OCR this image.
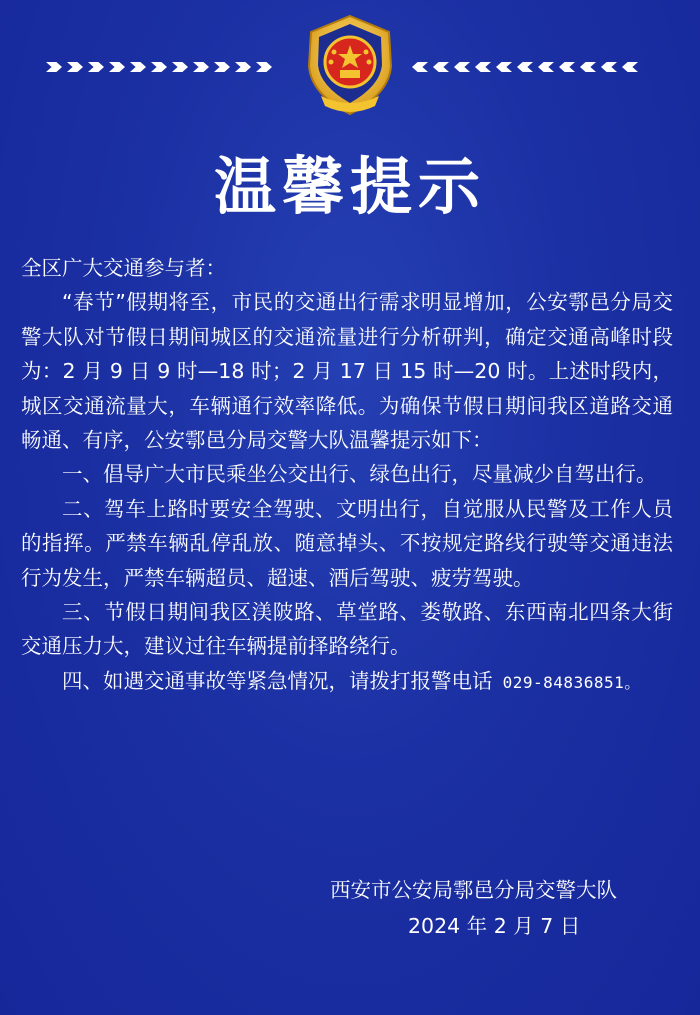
温馨提示

全区广大交通参与者：

“春节”假期将至，市民的交通出行需求明显增加，公安鄠邑分局交警大队对节假日期间城区的交通流量进行分析研判，确定交通高峰时段为：2 月 9 日 9 时—18 时；2 月 17 日 15 时—20 时。上述时段内，城区交通流量大，车辆通行效率降低。为确保节假日期间我区道路交通畅通、有序，公安鄠邑分局交警大队温馨提示如下：

一、倡导广大市民乘坐公交出行、绿色出行，尽量减少自驾出行。

二、驾车上路时要安全驾驶、文明出行，自觉服从民警及工作人员的指挥。严禁车辆乱停乱放、随意掉头、不按规定路线行驶等交通违法行为发生，严禁车辆超员、超速、酒后驾驶、疲劳驾驶。

三、节假日期间我区渼陂路、草堂路、娄敬路、东西南北四条大街交通压力大，建议过往车辆提前择路绕行。

四、如遇交通事故等紧急情况，请拨打报警电话 029-84836851。

西安市公安局鄠邑分局交警大队
2024 年 2 月 7 日
